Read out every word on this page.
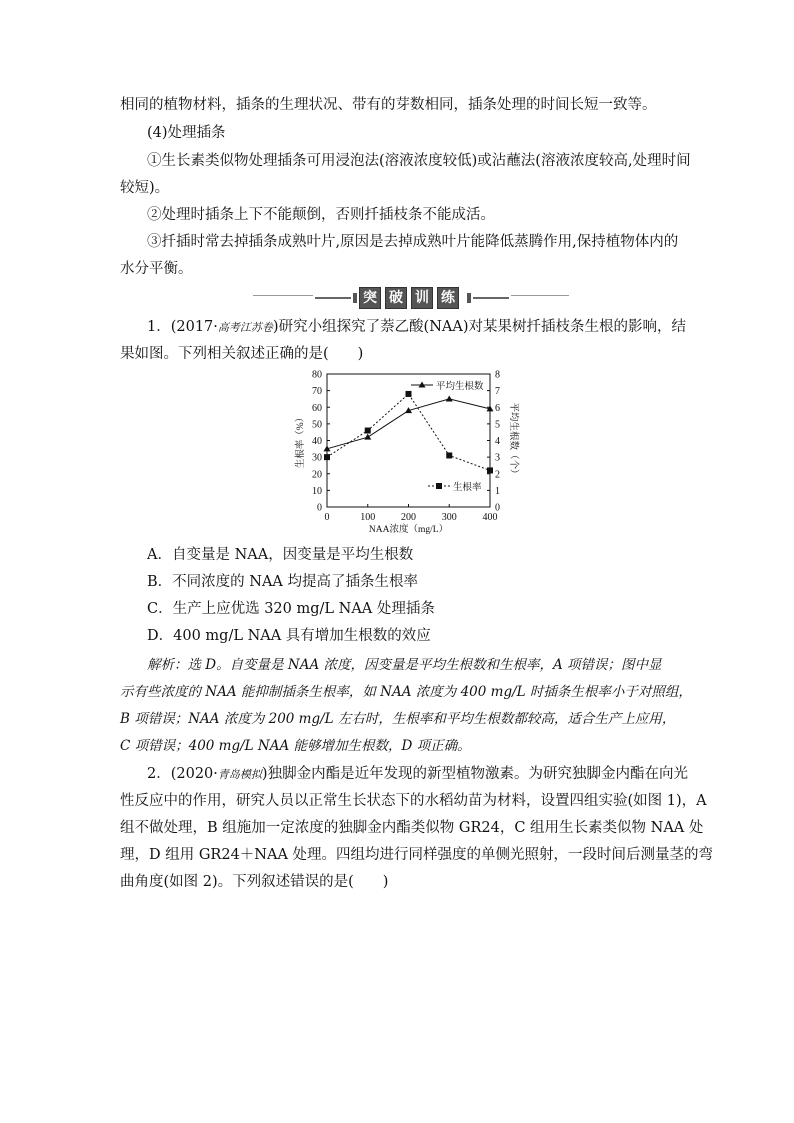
相同的植物材料，插条的生理状况、带有的芽数相同，插条处理的时间长短一致等。
(4)处理插条
①生长素类似物处理插条可用浸泡法(溶液浓度较低)或沾蘸法(溶液浓度较高,处理时间
较短)。
②处理时插条上下不能颠倒，否则扦插枝条不能成活。
③扦插时常去掉插条成熟叶片,原因是去掉成熟叶片能降低蒸腾作用,保持植物体内的
水分平衡。
突 破 训 练
1．(2017·高考江苏卷)研究小组探究了萘乙酸(NAA)对某果树扦插枝条生根的影响，结
果如图。下列相关叙述正确的是(　　)
0
10
20
30
40
50
60
70
80
0
1
2
3
4
5
6
7
8
0	100	200	300	400
NAA浓度（mg/L）
生根率（%）	平均生根数（个）
平均生根数
生根率
A．自变量是 NAA，因变量是平均生根数
B．不同浓度的 NAA 均提高了插条生根率
C．生产上应优选 320 mg/L NAA 处理插条
D．400 mg/L NAA 具有增加生根数的效应
解析：选 D。自变量是 NAA 浓度，因变量是平均生根数和生根率，A 项错误；图中显
示有些浓度的 NAA 能抑制插条生根率，如 NAA 浓度为 400 mg/L 时插条生根率小于对照组，
B 项错误；NAA 浓度为 200 mg/L 左右时，生根率和平均生根数都较高，适合生产上应用，
C 项错误；400 mg/L NAA 能够增加生根数，D 项正确。
2．(2020·青岛模拟)独脚金内酯是近年发现的新型植物激素。为研究独脚金内酯在向光
性反应中的作用，研究人员以正常生长状态下的水稻幼苗为材料，设置四组实验(如图 1)，A
组不做处理，B 组施加一定浓度的独脚金内酯类似物 GR24，C 组用生长素类似物 NAA 处
理，D 组用 GR24＋NAA 处理。四组均进行同样强度的单侧光照射，一段时间后测量茎的弯
曲角度(如图 2)。下列叙述错误的是(　　)
